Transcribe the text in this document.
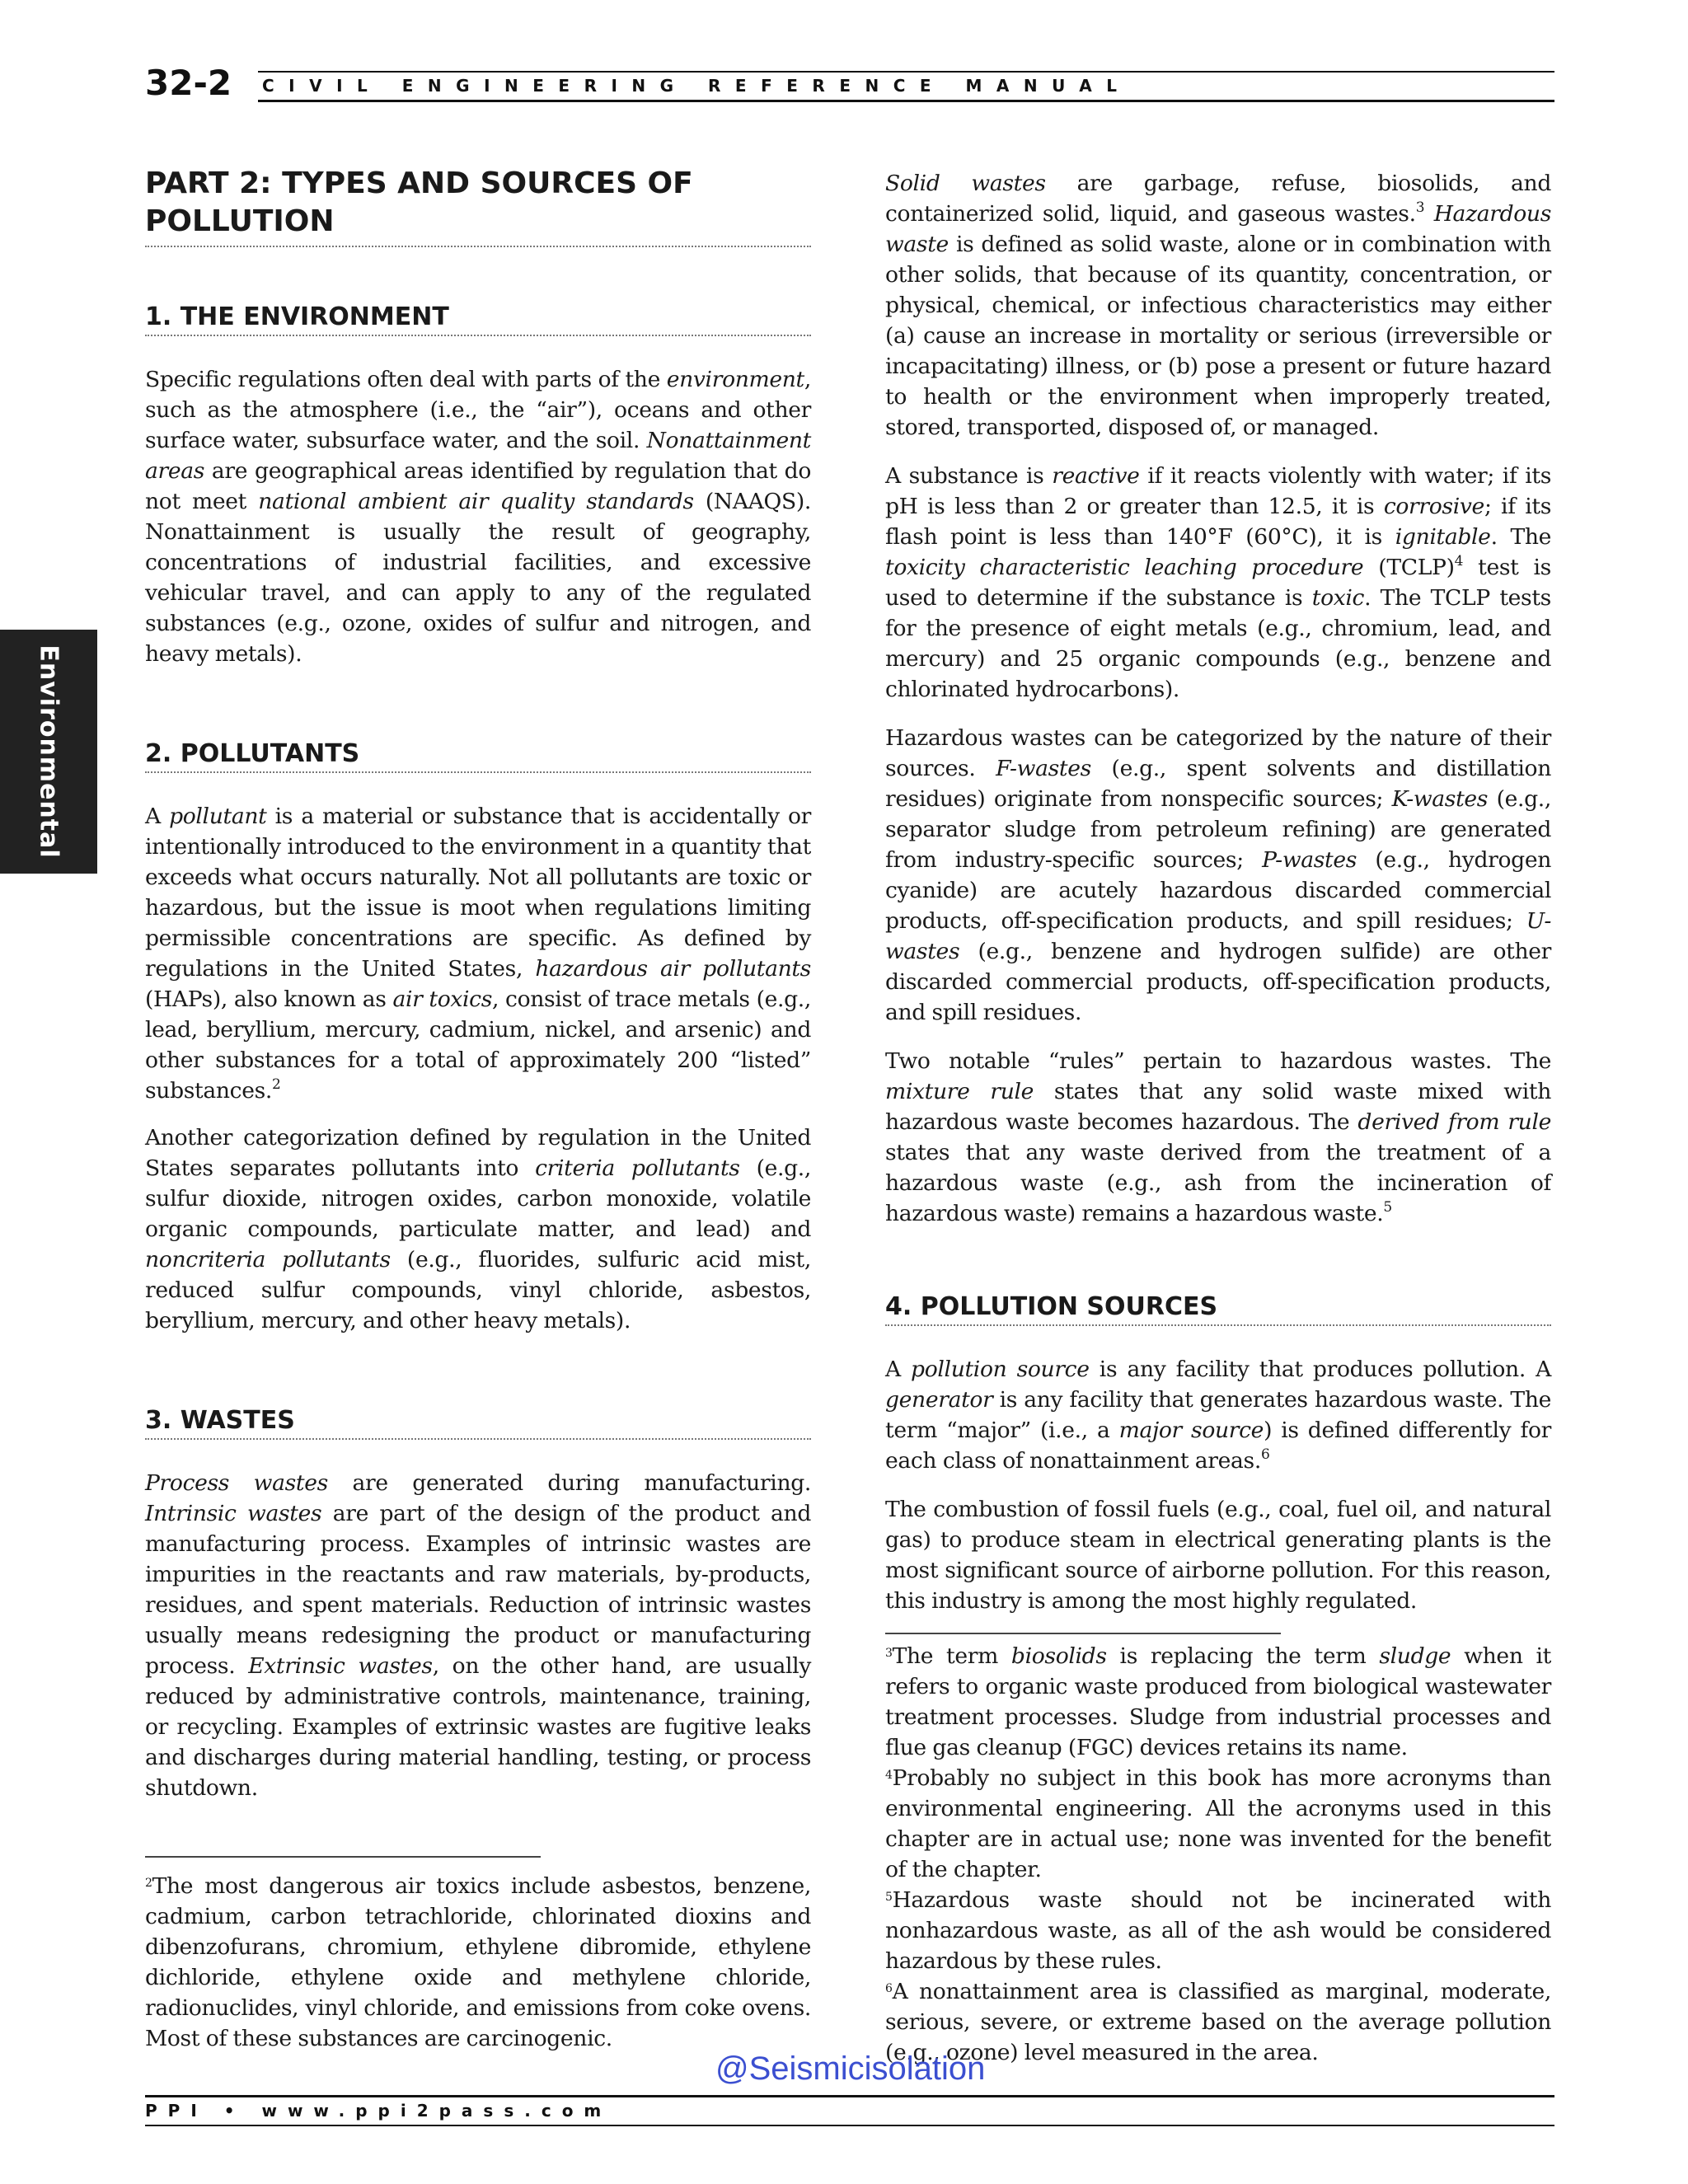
32-2 CIVIL ENGINEERING REFERENCE MANUAL
Environmental
PART 2: TYPES AND SOURCES OF POLLUTION
1. THE ENVIRONMENT

Specific regulations often deal with parts of the environment, such as the atmosphere (i.e., the “air”), oceans and other surface water, subsurface water, and the soil. Nonattainment areas are geographical areas identified by regulation that do not meet national ambient air quality standards (NAAQS). Nonattainment is usually the result of geography, concentrations of industrial facilities, and excessive vehicular travel, and can apply to any of the regulated substances (e.g., ozone, oxides of sulfur and nitrogen, and heavy metals).

2. POLLUTANTS

A pollutant is a material or substance that is accidentally or intentionally introduced to the environment in a quantity that exceeds what occurs naturally. Not all pollutants are toxic or hazardous, but the issue is moot when regulations limiting permissible concentrations are specific. As defined by regulations in the United States, hazardous air pollutants (HAPs), also known as air toxics, consist of trace metals (e.g., lead, beryllium, mercury, cadmium, nickel, and arsenic) and other substances for a total of approximately 200 “listed” substances.$^2$

Another categorization defined by regulation in the United States separates pollutants into criteria pollutants (e.g., sulfur dioxide, nitrogen oxides, carbon monoxide, volatile organic compounds, particulate matter, and lead) and noncriteria pollutants (e.g., fluorides, sulfuric acid mist, reduced sulfur compounds, vinyl chloride, asbestos, beryllium, mercury, and other heavy metals).

3. WASTES

Process wastes are generated during manufacturing. Intrinsic wastes are part of the design of the product and manufacturing process. Examples of intrinsic wastes are impurities in the reactants and raw materials, by-products, residues, and spent materials. Reduction of intrinsic wastes usually means redesigning the product or manufacturing process. Extrinsic wastes, on the other hand, are usually reduced by administrative controls, maintenance, training, or recycling. Examples of extrinsic wastes are fugitive leaks and discharges during material handling, testing, or process shutdown.

$^2$The most dangerous air toxics include asbestos, benzene, cadmium, carbon tetrachloride, chlorinated dioxins and dibenzofurans, chromium, ethylene dibromide, ethylene dichloride, ethylene oxide and methylene chloride, radionuclides, vinyl chloride, and emissions from coke ovens. Most of these substances are carcinogenic.

Solid wastes are garbage, refuse, biosolids, and containerized solid, liquid, and gaseous wastes.$^3$ Hazardous waste is defined as solid waste, alone or in combination with other solids, that because of its quantity, concentration, or physical, chemical, or infectious characteristics may either (a) cause an increase in mortality or serious (irreversible or incapacitating) illness, or (b) pose a present or future hazard to health or the environment when improperly treated, stored, transported, disposed of, or managed.

A substance is reactive if it reacts violently with water; if its pH is less than 2 or greater than 12.5, it is corrosive; if its flash point is less than 140°F (60°C), it is ignitable. The toxicity characteristic leaching procedure (TCLP)$^4$ test is used to determine if the substance is toxic. The TCLP tests for the presence of eight metals (e.g., chromium, lead, and mercury) and 25 organic compounds (e.g., benzene and chlorinated hydrocarbons).

Hazardous wastes can be categorized by the nature of their sources. F-wastes (e.g., spent solvents and distillation residues) originate from nonspecific sources; K-wastes (e.g., separator sludge from petroleum refining) are generated from industry-specific sources; P-wastes (e.g., hydrogen cyanide) are acutely hazardous discarded commercial products, off-specification products, and spill residues; U-wastes (e.g., benzene and hydrogen sulfide) are other discarded commercial products, off-specification products, and spill residues.

Two notable “rules” pertain to hazardous wastes. The mixture rule states that any solid waste mixed with hazardous waste becomes hazardous. The derived from rule states that any waste derived from the treatment of a hazardous waste (e.g., ash from the incineration of hazardous waste) remains a hazardous waste.$^5$

4. POLLUTION SOURCES

A pollution source is any facility that produces pollution. A generator is any facility that generates hazardous waste. The term “major” (i.e., a major source) is defined differently for each class of nonattainment areas.$^6$

The combustion of fossil fuels (e.g., coal, fuel oil, and natural gas) to produce steam in electrical generating plants is the most significant source of airborne pollution. For this reason, this industry is among the most highly regulated.

$^3$The term biosolids is replacing the term sludge when it refers to organic waste produced from biological wastewater treatment processes. Sludge from industrial processes and flue gas cleanup (FGC) devices retains its name.

$^4$Probably no subject in this book has more acronyms than environmental engineering. All the acronyms used in this chapter are in actual use; none was invented for the benefit of the chapter.

$^5$Hazardous waste should not be incinerated with nonhazardous waste, as all of the ash would be considered hazardous by these rules.

$^6$A nonattainment area is classified as marginal, moderate, serious, severe, or extreme based on the average pollution (e.g., ozone) level measured in the area.

@Seismicisolation
PPI • www.ppi2pass.com
